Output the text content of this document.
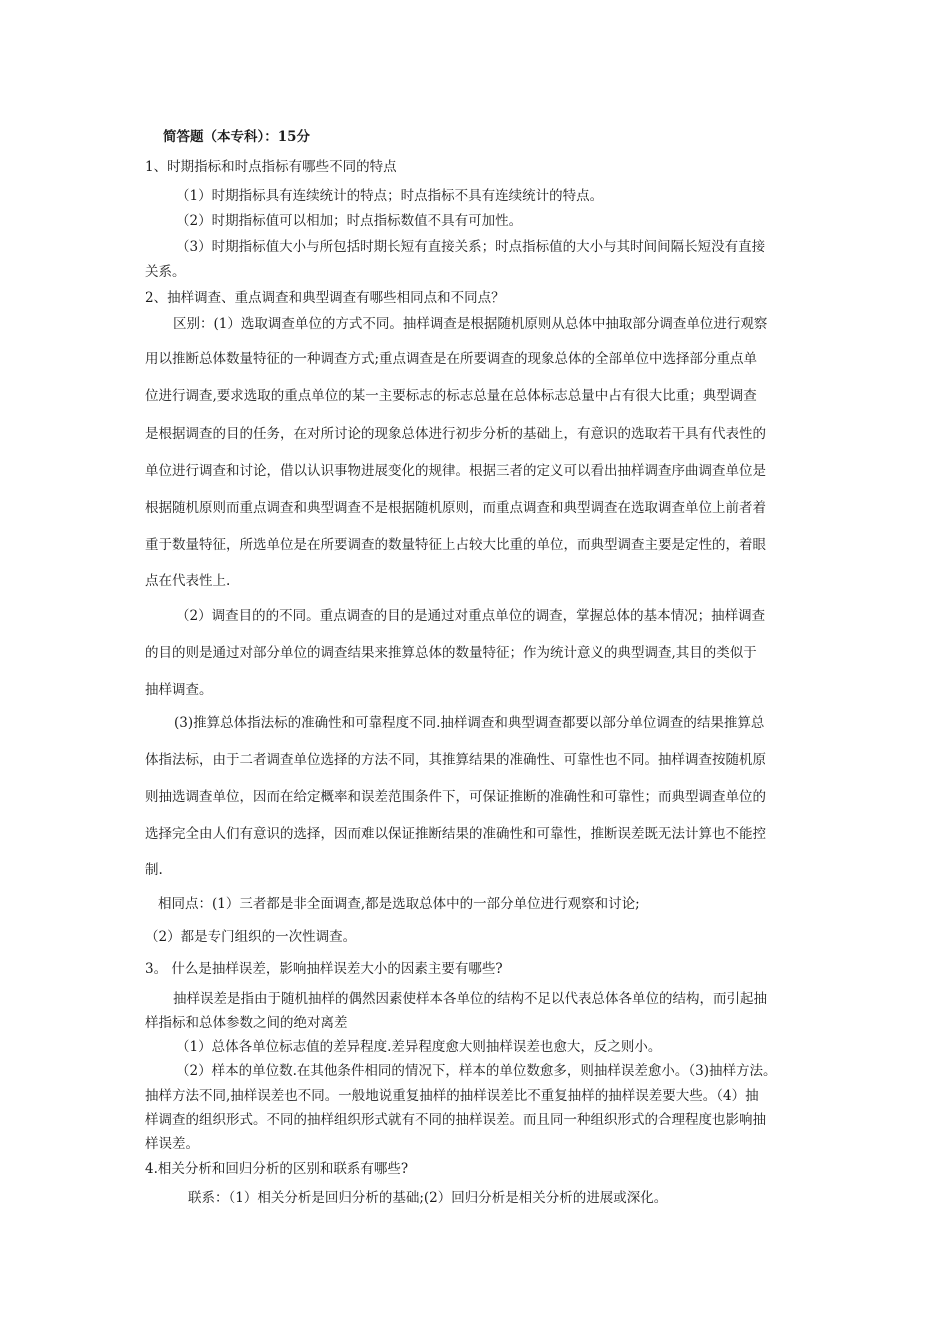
简答题（本专科）：15分
1、时期指标和时点指标有哪些不同的特点
（1）时期指标具有连续统计的特点；时点指标不具有连续统计的特点。
（2）时期指标值可以相加；时点指标数值不具有可加性。
（3）时期指标值大小与所包括时期长短有直接关系；时点指标值的大小与其时间间隔长短没有直接
关系。
2、抽样调查、重点调查和典型调查有哪些相同点和不同点？
区别：(1）选取调查单位的方式不同。抽样调查是根据随机原则从总体中抽取部分调查单位进行观察
用以推断总体数量特征的一种调查方式;重点调查是在所要调查的现象总体的全部单位中选择部分重点单
位进行调查,要求选取的重点单位的某一主要标志的标志总量在总体标志总量中占有很大比重；典型调查
是根据调查的目的任务，在对所讨论的现象总体进行初步分析的基础上，有意识的选取若干具有代表性的
单位进行调查和讨论，借以认识事物进展变化的规律。根据三者的定义可以看出抽样调查序曲调查单位是
根据随机原则而重点调查和典型调查不是根据随机原则，而重点调查和典型调查在选取调查单位上前者着
重于数量特征，所选单位是在所要调查的数量特征上占较大比重的单位，而典型调查主要是定性的，着眼
点在代表性上.
（2）调查目的的不同。重点调查的目的是通过对重点单位的调查，掌握总体的基本情况；抽样调查
的目的则是通过对部分单位的调查结果来推算总体的数量特征；作为统计意义的典型调查,其目的类似于
抽样调查。
(3)推算总体指法标的准确性和可靠程度不同.抽样调查和典型调查都要以部分单位调查的结果推算总
体指法标，由于二者调查单位选择的方法不同，其推算结果的准确性、可靠性也不同。抽样调查按随机原
则抽选调查单位，因而在给定概率和误差范围条件下，可保证推断的准确性和可靠性；而典型调查单位的
选择完全由人们有意识的选择，因而难以保证推断结果的准确性和可靠性，推断误差既无法计算也不能控
制.
相同点：(1）三者都是非全面调查,都是选取总体中的一部分单位进行观察和讨论;
（2）都是专门组织的一次性调查。
3。 什么是抽样误差，影响抽样误差大小的因素主要有哪些?
抽样误差是指由于随机抽样的偶然因素使样本各单位的结构不足以代表总体各单位的结构，而引起抽
样指标和总体参数之间的绝对离差
（1）总体各单位标志值的差异程度.差异程度愈大则抽样误差也愈大，反之则小。
（2）样本的单位数.在其他条件相同的情况下，样本的单位数愈多，则抽样误差愈小。（3)抽样方法。
抽样方法不同,抽样误差也不同。一般地说重复抽样的抽样误差比不重复抽样的抽样误差要大些。（4）抽
样调查的组织形式。不同的抽样组织形式就有不同的抽样误差。而且同一种组织形式的合理程度也影响抽
样误差。
4.相关分析和回归分析的区别和联系有哪些?
联系：（1）相关分析是回归分析的基础;(2）回归分析是相关分析的进展或深化。
